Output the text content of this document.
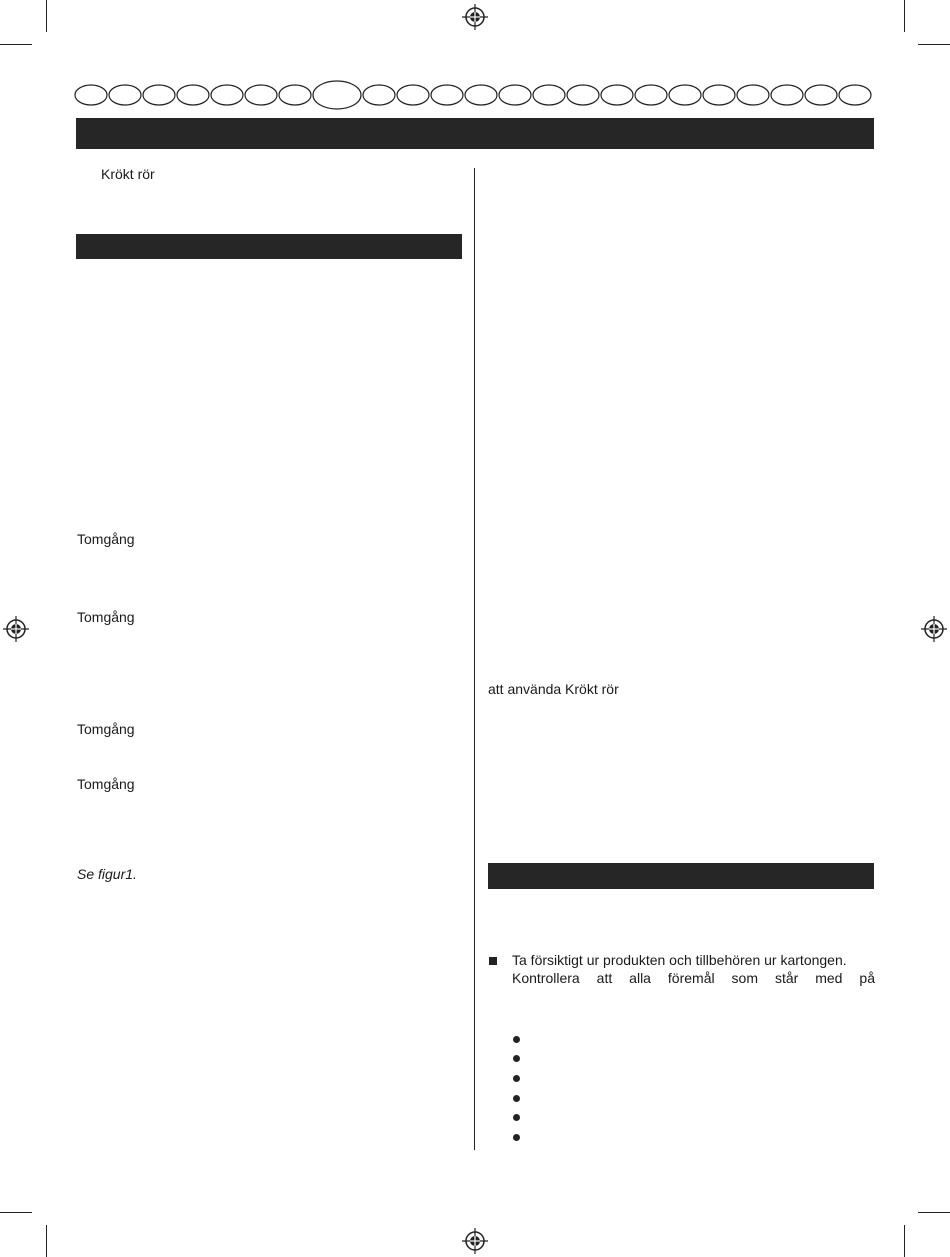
Krökt rör
Tomgång
Tomgång
Tomgång
Tomgång
Se figur1.
att använda Krökt rör
Ta försiktigt ur produkten och tillbehören ur kartongen.
Kontrollera att alla föremål som står med på
